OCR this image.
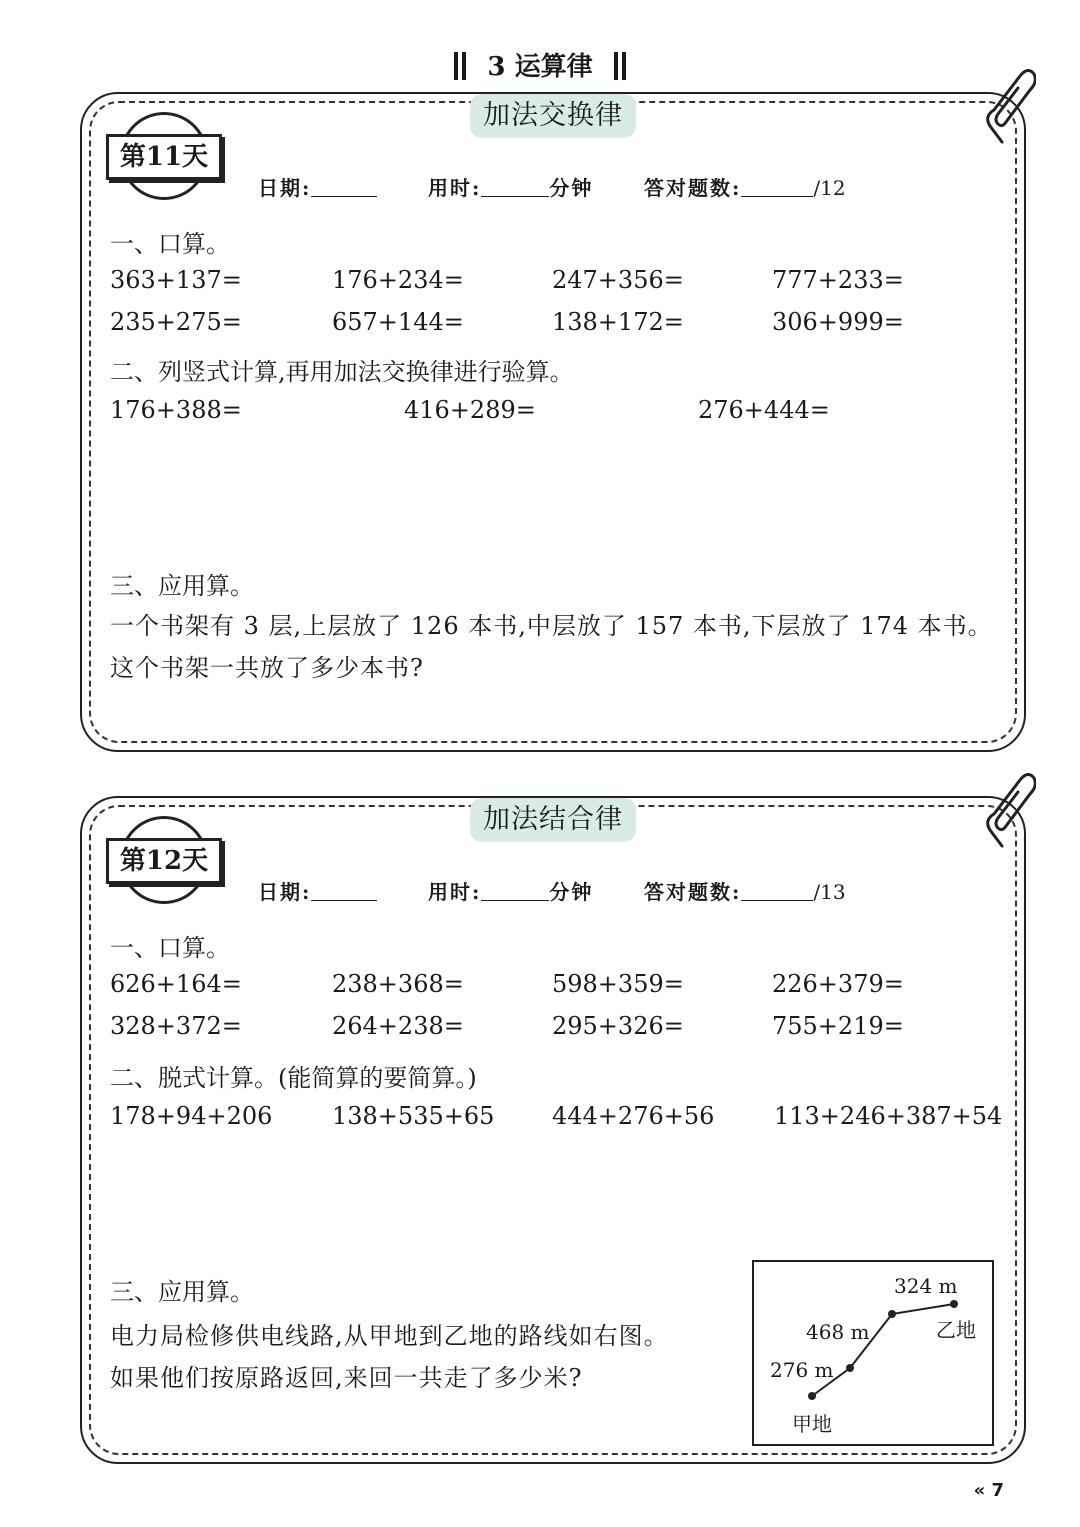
3 运算律
加法交换律
第11天
日期:	用时:	分钟	答对题数:	/12
一、口算。
363+137=	176+234=	247+356=	777+233=
235+275=	657+144=	138+172=	306+999=
二、列竖式计算,再用加法交换律进行验算。
176+388=	416+289=	276+444=
三、应用算。
一个书架有 3 层,上层放了 126 本书,中层放了 157 本书,下层放了 174 本书。
这个书架一共放了多少本书?
加法结合律
第12天
日期:	用时:	分钟	答对题数:	/13
一、口算。
626+164=	238+368=	598+359=	226+379=
328+372=	264+238=	295+326=	755+219=
二、脱式计算。(能简算的要简算。)
178+94+206 138+535+65 444+276+56 113+246+387+54
三、应用算。
电力局检修供电线路,从甲地到乙地的路线如右图。
如果他们按原路返回,来回一共走了多少米?
324 m
468 m
276 m
甲地
乙地
« 7
